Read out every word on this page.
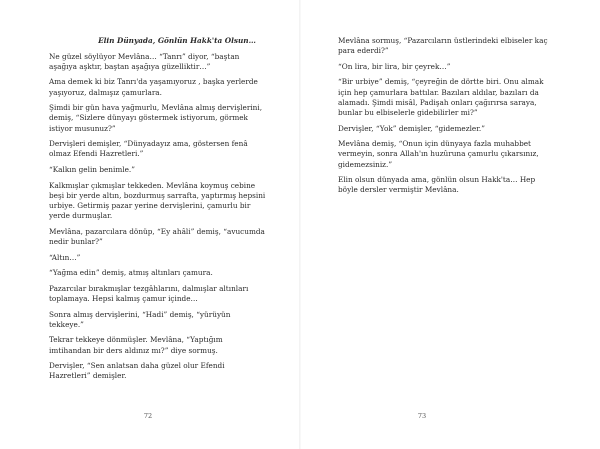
Elin Dünyada, Gönlün Hakk'ta Olsun…
Ne güzel söylüyor Mevlâna… “Tanrı” diyor, “baştan
aşağıya aşktır, baştan aşağıya güzelliktir…”
Ama demek ki biz Tanrı'da yaşamıyoruz , başka yerlerde
yaşıyoruz, dalmışız çamurlara.
Şimdi bir gün hava yağmurlu, Mevlâna almış dervişlerini,
demiş, “Sizlere dünyayı göstermek istiyorum, görmek
istiyor musunuz?”
Dervişleri demişler, “Dünyadayız ama, göstersen fenâ
olmaz Efendi Hazretleri.”
“Kalkın gelin benimle.”
Kalkmışlar çıkmışlar tekkeden. Mevlâna koymuş cebine
beşi bir yerde altın, bozdurmuş sarrafta, yaptırmış hepsini
urbiye. Getirmiş pazar yerine dervişlerini, çamurlu bir
yerde durmuşlar.
Mevlâna, pazarcılara dönüp, “Ey ahâli” demiş, “avucumda
nedir bunlar?”
“Altın…”
“Yağma edin” demiş, atmış altınları çamura.
Pazarcılar bırakmışlar tezgâhlarını, dalmışlar altınları
toplamaya. Hepsi kalmış çamur içinde…
Sonra almış dervişlerini, “Hadi” demiş, “yürüyün
tekkeye.”
Tekrar tekkeye dönmüşler. Mevlâna, “Yaptığım
imtihandan bir ders aldınız mı?” diye sormuş.
Dervişler, “Sen anlatsan daha güzel olur Efendi
Hazretleri” demişler.
72
Mevlâna sormuş, “Pazarcıların üstlerindeki elbiseler kaç
para ederdi?”
“On lira, bir lira, bir çeyrek…”
“Bir urbiye” demiş, “çeyreğin de dörtte biri. Onu almak
için hep çamurlara battılar. Bazıları aldılar, bazıları da
alamadı. Şimdi misâl, Padişah onları çağırırsa saraya,
bunlar bu elbiselerle gidebilirler mi?”
Dervişler, “Yok” demişler, “gidemezler.”
Mevlâna demiş, “Onun için dünyaya fazla muhabbet
vermeyin, sonra Allah'ın huzûruna çamurlu çıkarsınız,
gidemezsiniz.”
Elin olsun dünyada ama, gönlün olsun Hakk'ta… Hep
böyle dersler vermiştir Mevlâna.
73
